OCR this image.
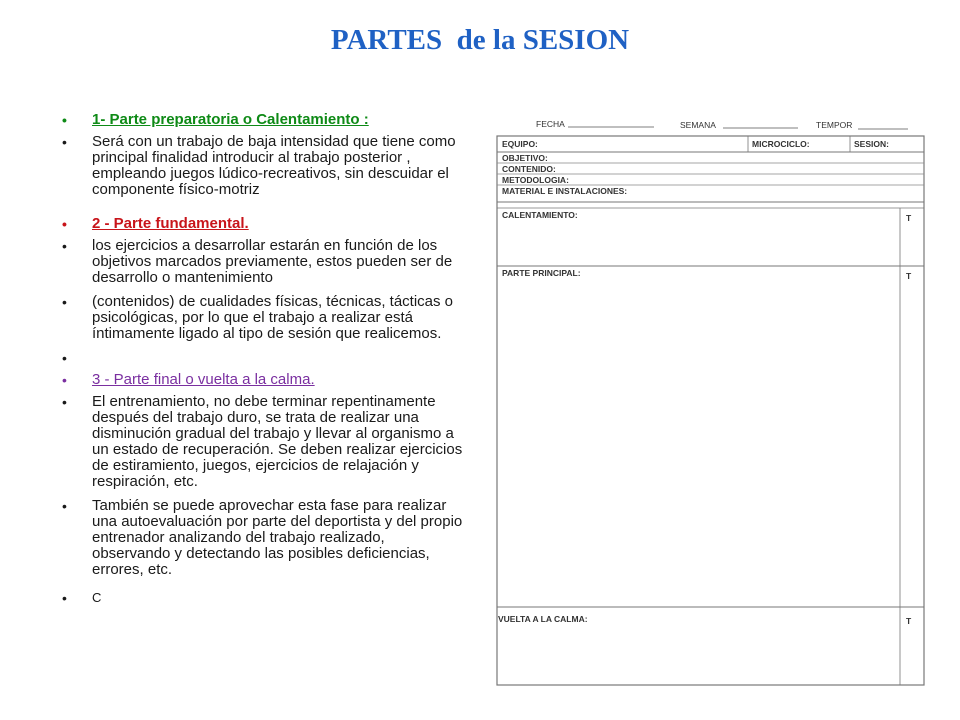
PARTES  de la SESION
• 1- Parte preparatoria o Calentamiento :
• Será con un trabajo de baja intensidad que tiene como principal finalidad introducir al trabajo posterior , empleando juegos lúdico-recreativos, sin descuidar el componente físico-motriz
• 2 - Parte fundamental.
• los ejercicios a desarrollar estarán en función de los objetivos marcados previamente, estos pueden ser de desarrollo o mantenimiento
• (contenidos) de cualidades físicas, técnicas, tácticas o psicológicas, por lo que el trabajo a realizar está íntimamente ligado al tipo de sesión que realicemos.
•
• 3 - Parte final o vuelta a la calma.
• El entrenamiento, no debe terminar repentinamente después del trabajo duro, se trata de realizar una disminución gradual del trabajo y llevar al organismo a un estado de recuperación. Se deben realizar ejercicios de estiramiento, juegos, ejercicios de relajación y respiración, etc.
• También se puede aprovechar esta fase para realizar una autoevaluación por parte del deportista y del propio entrenador analizando del trabajo realizado, observando y detectando las posibles deficiencias, errores, etc.
• C
FECHA	SEMANA	TEMPOR
EQUIPO:	MICROCICLO:	SESION:
OBJETIVO:
CONTENIDO:
METODOLOGIA:
MATERIAL E INSTALACIONES:
CALENTAMIENTO:	T
PARTE PRINCIPAL:	T
VUELTA A LA CALMA:	T
